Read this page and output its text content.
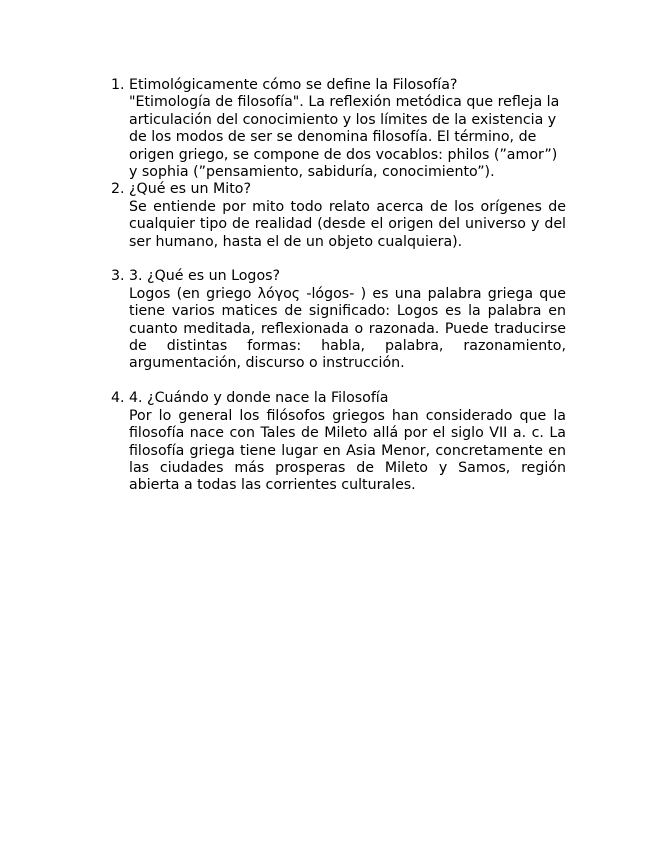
1. Etimológicamente cómo se define la Filosofía?

"Etimología de filosofía". La reflexión metódica que refleja la articulación del conocimiento y los límites de la existencia y de los modos de ser se denomina filosofía. El término, de origen griego, se compone de dos vocablos: philos (”amor”) y sophia (”pensamiento, sabiduría, conocimiento”).

2. ¿Qué es un Mito?

Se entiende por mito todo relato acerca de los orígenes de cualquier tipo de realidad (desde el origen del universo y del ser humano, hasta el de un objeto cualquiera).

3. 3. ¿Qué es un Logos?

Logos (en griego λόγος -lógos- ) es una palabra griega que tiene varios matices de significado: Logos es la palabra en cuanto meditada, reflexionada o razonada. Puede traducirse de distintas formas: habla, palabra, razonamiento, argumentación, discurso o instrucción.

4. 4. ¿Cuándo y donde nace la Filosofía

Por lo general los filósofos griegos han considerado que la filosofía nace con Tales de Mileto allá por el siglo VII a. c. La filosofía griega tiene lugar en Asia Menor, concretamente en las ciudades más prosperas de Mileto y Samos, región abierta a todas las corrientes culturales.
